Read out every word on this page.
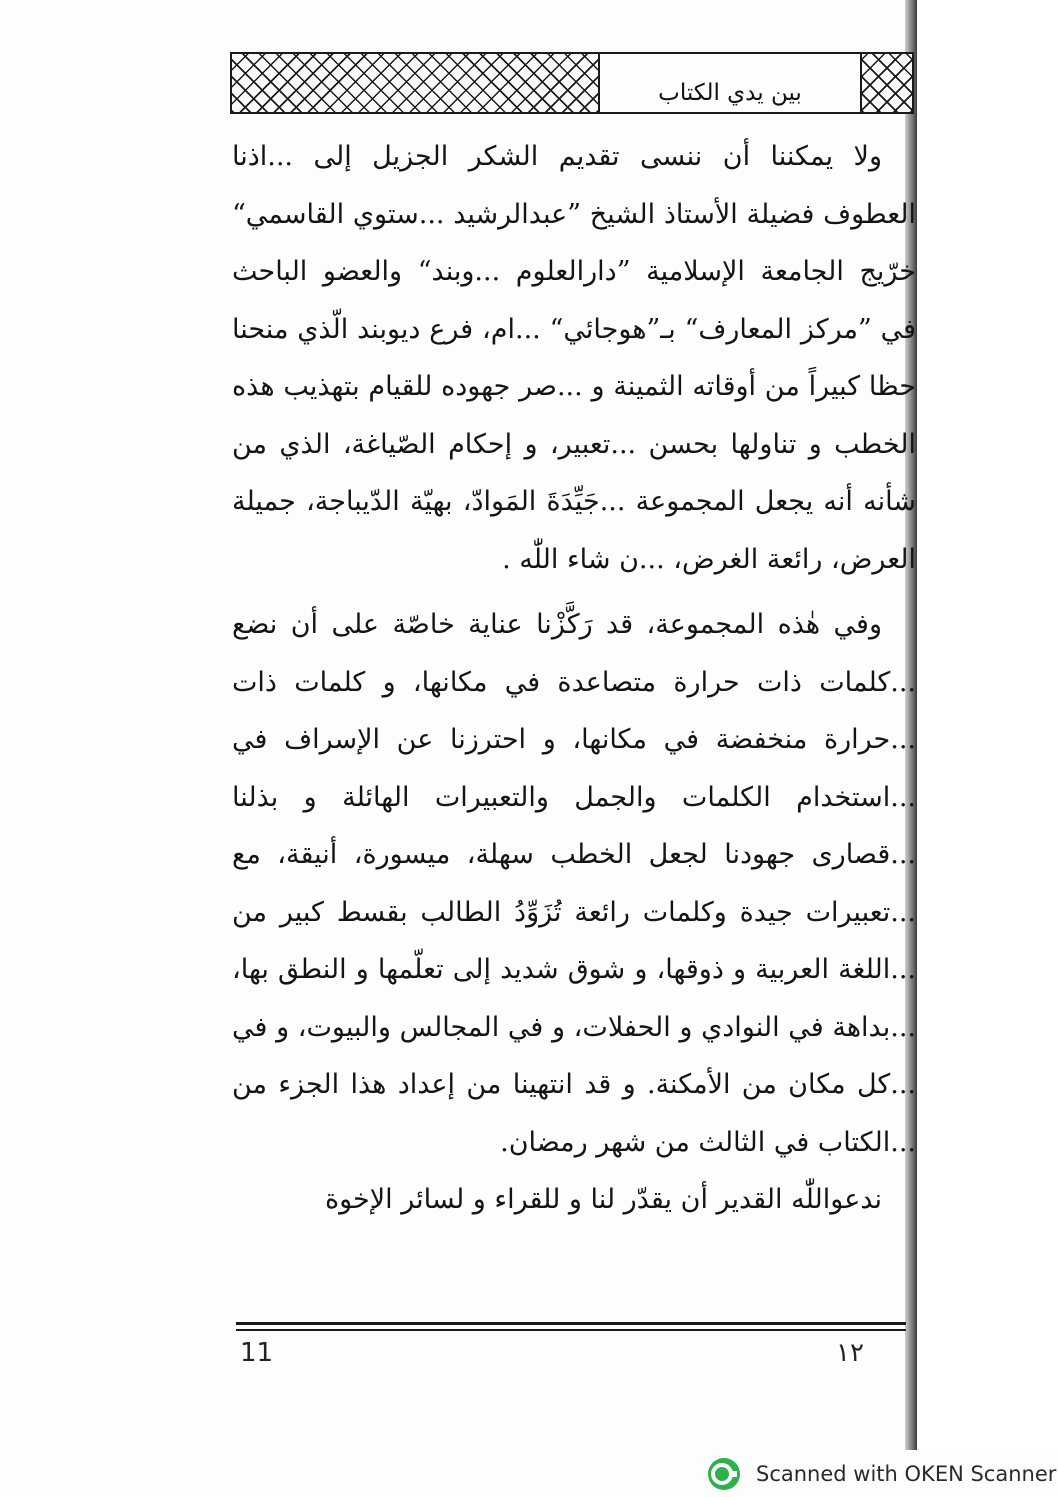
بين يدي الكتاب

ولا يمكننا أن ننسى تقديم الشكر الجزيل إلى ...اذنا العطوف فضيلة الأستاذ الشيخ ”عبدالرشيد ...ستوي القاسمي“ خرّيج الجامعة الإسلامية ”دارالعلوم ...وبند“ والعضو الباحث في ”مركز المعارف“ بـ”هوجائي“ ...ام، فرع ديوبند الّذي منحنا حظا كبيراً من أوقاته الثمينة و ...صر جهوده للقيام بتهذيب هذه الخطب و تناولها بحسن ...تعبير، و إحكام الصّياغة، الذي من شأنه أنه يجعل المجموعة ...جَيِّدَةَ المَوادّ، بهيّة الدّيباجة، جميلة العرض، رائعة الغرض، ...ن شاء اللّٰه .

وفي هٰذه المجموعة، قد رَكَّزْنا عناية خاصّة على أن نضع ...كلمات ذات حرارة متصاعدة في مكانها، و كلمات ذات ...حرارة منخفضة في مكانها، و احترزنا عن الإسراف في ...استخدام الكلمات والجمل والتعبيرات الهائلة و بذلنا ...قصارى جهودنا لجعل الخطب سهلة، ميسورة، أنيقة، مع ...تعبيرات جيدة وكلمات رائعة تُزَوِّدُ الطالب بقسط كبير من ...اللغة العربية و ذوقها، و شوق شديد إلى تعلّمها و النطق بها، ...بداهة في النوادي و الحفلات، و في المجالس والبيوت، و في ...كل مكان من الأمكنة. و قد انتهينا من إعداد هذا الجزء من ...الكتاب في الثالث من شهر رمضان.

ندعواللّٰه القدير أن يقدّر لنا و للقراء و لسائر الإخوة

11	١٢
Scanned with OKEN Scanner
